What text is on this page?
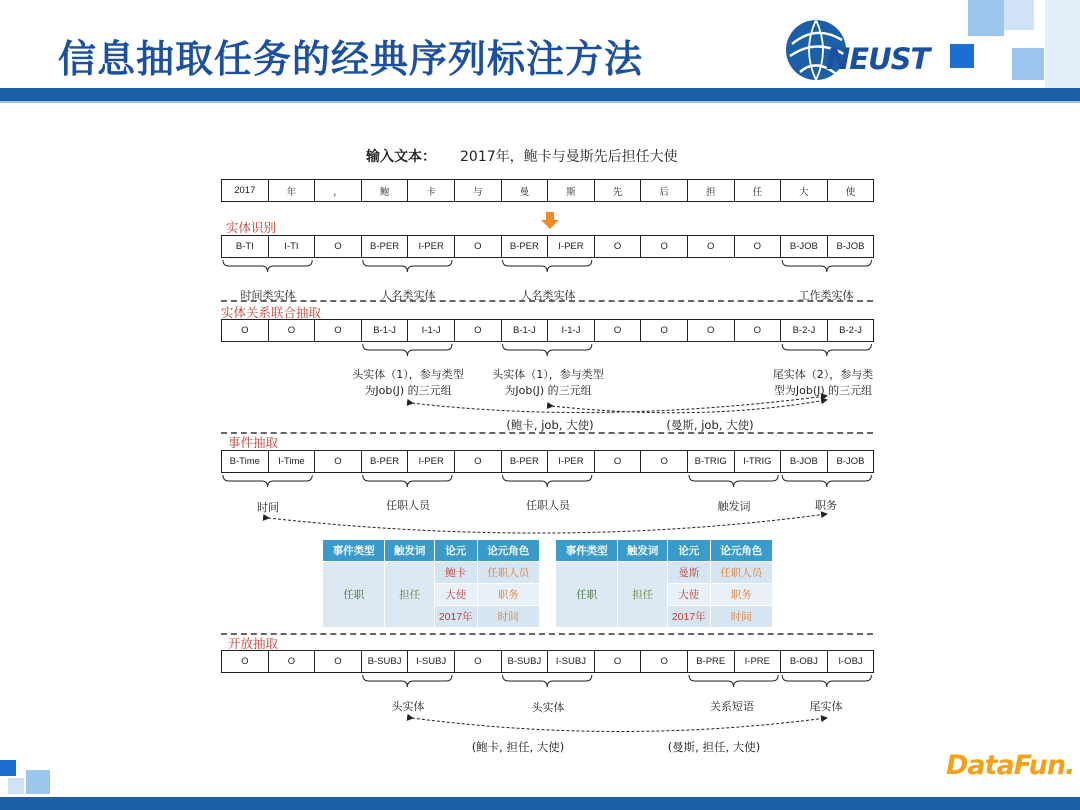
信息抽取任务的经典序列标注方法	NEUST
输入文本： 2017年，鲍卡与曼斯先后担任大使
2017	年	，	鲍	卡	与	曼	斯	先	后	担	任	大	使
实体识别
B-TI	I-TI	O	B-PER	I-PER	O	B-PER	I-PER	O	O	O	O	B-JOB	B-JOB
时间类实体	人名类实体	人名类实体	工作类实体
实体关系联合抽取
O	O	O	B-1-J	I-1-J	O	B-1-J	I-1-J	O	O	O	O	B-2-J	B-2-J
头实体（1），参与类型
为Job(J) 的三元组
头实体（1），参与类型
为Job(J) 的三元组
尾实体（2），参与类
型为Job(J) 的三元组
(鲍卡, job, 大使)	(曼斯, job, 大使)
事件抽取
B-Time	I-Time	O	B-PER	I-PER	O	B-PER	I-PER	O	O	B-TRIG	I-TRIG	B-JOB	B-JOB
时间	任职人员	任职人员	触发词	职务
事件类型	触发词	论元	论元角色
任职	担任	鲍卡	任职人员
		大使	职务
		2017年	时间
事件类型	触发词	论元	论元角色
任职	担任	曼斯	任职人员
		大使	职务
		2017年	时间
开放抽取
O	O	O	B-SUBJ	I-SUBJ	O	B-SUBJ	I-SUBJ	O	O	B-PRE	I-PRE	B-OBJ	I-OBJ
头实体	头实体	关系短语	尾实体
(鲍卡, 担任, 大使)	(曼斯, 担任, 大使)
DataFun.
